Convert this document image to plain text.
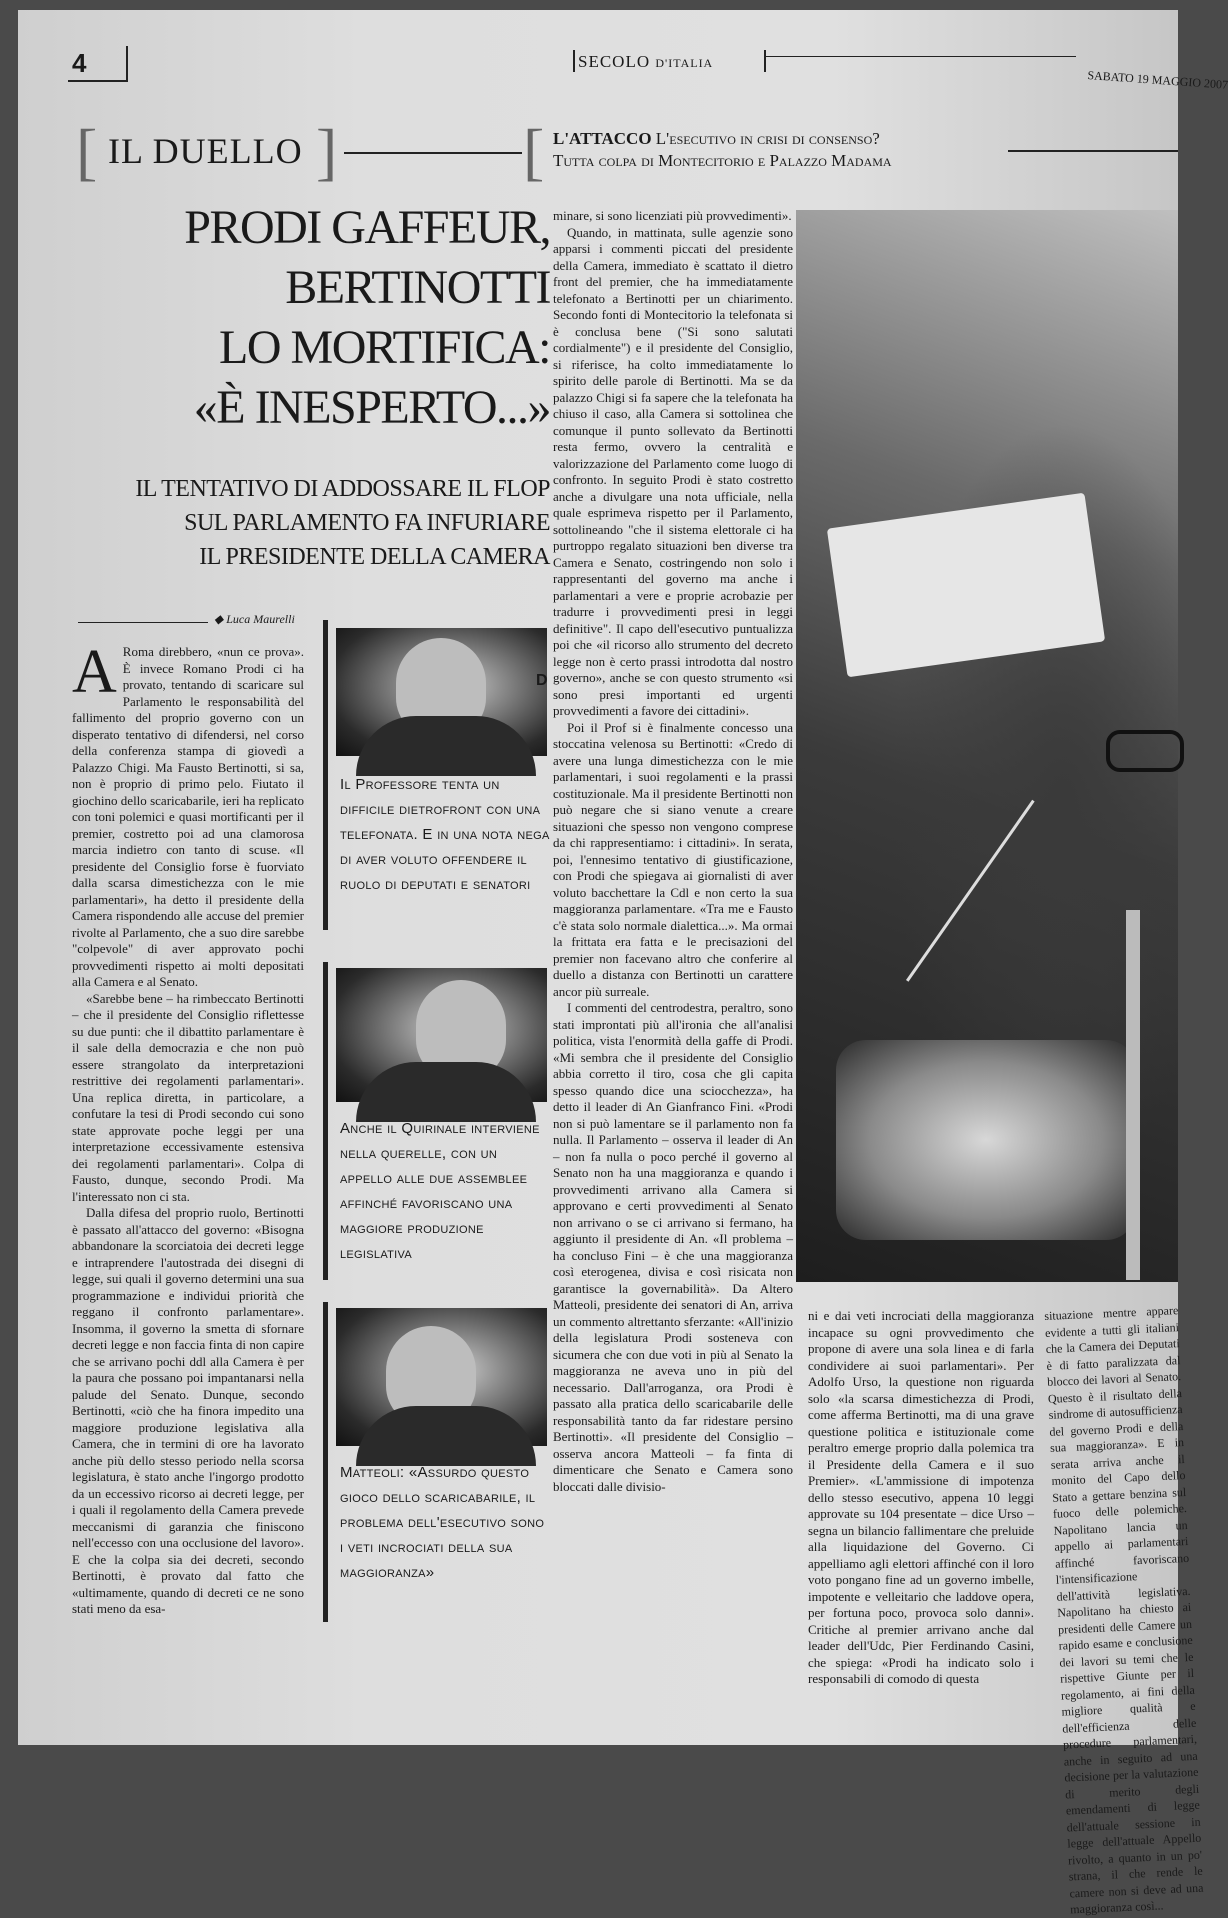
4	SECOLO D'ITALIA
SABATO 19 MAGGIO 2007
[ IL DUELLO ]	[ L'ATTACCO L'esecutivo in crisi di consenso?
Tutta colpa di Montecitorio e Palazzo Madama
PRODI GAFFEUR,
BERTINOTTI
LO MORTIFICA:
«È INESPERTO...»
IL TENTATIVO DI ADDOSSARE IL FLOP
SUL PARLAMENTO FA INFURIARE
IL PRESIDENTE DELLA CAMERA
◆ Luca Maurelli

A Roma direbbero, «nun ce prova». È invece Romano Prodi ci ha provato, tentando di scaricare sul Parlamento le responsabilità del fallimento del proprio governo con un disperato tentativo di difendersi, nel corso della conferenza stampa di giovedì a Palazzo Chigi. Ma Fausto Bertinotti, si sa, non è proprio di primo pelo. Fiutato il giochino dello scaricabarile, ieri ha replicato con toni polemici e quasi mortificanti per il premier, costretto poi ad una clamorosa marcia indietro con tanto di scuse. «Il presidente del Consiglio forse è fuorviato dalla scarsa dimestichezza con le mie parlamentari», ha detto il presidente della Camera rispondendo alle accuse del premier rivolte al Parlamento, che a suo dire sarebbe "colpevole" di aver approvato pochi provvedimenti rispetto ai molti depositati alla Camera e al Senato.

«Sarebbe bene – ha rimbeccato Bertinotti – che il presidente del Consiglio riflettesse su due punti: che il dibattito parlamentare è il sale della democrazia e che non può essere strangolato da interpretazioni restrittive dei regolamenti parlamentari». Una replica diretta, in particolare, a confutare la tesi di Prodi secondo cui sono state approvate poche leggi per una interpretazione eccessivamente estensiva dei regolamenti parlamentari». Colpa di Fausto, dunque, secondo Prodi. Ma l'interessato non ci sta.

Dalla difesa del proprio ruolo, Bertinotti è passato all'attacco del governo: «Bisogna abbandonare la scorciatoia dei decreti legge e intraprendere l'autostrada dei disegni di legge, sui quali il governo determini una sua programmazione e individui priorità che reggano il confronto parlamentare». Insomma, il governo la smetta di sfornare decreti legge e non faccia finta di non capire che se arrivano pochi ddl alla Camera è per la paura che possano poi impantanarsi nella palude del Senato. Dunque, secondo Bertinotti, «ciò che ha finora impedito una maggiore produzione legislativa alla Camera, che in termini di ore ha lavorato anche più dello stesso periodo nella scorsa legislatura, è stato anche l'ingorgo prodotto da un eccessivo ricorso ai decreti legge, per i quali il regolamento della Camera prevede meccanismi di garanzia che finiscono nell'eccesso con una occlusione del lavoro». E che la colpa sia dei decreti, secondo Bertinotti, è provato dal fatto che «ultimamente, quando di decreti ce ne sono stati meno da esa-

D
Il Professore tenta un difficile dietrofront con una telefonata. E in una nota nega di aver voluto offendere il ruolo di deputati e senatori
Anche il Quirinale interviene nella querelle, con un appello alle due assemblee affinché favoriscano una maggiore produzione legislativa
Matteoli: «Assurdo questo gioco dello scaricabarile, il problema dell'esecutivo sono i veti incrociati della sua maggioranza»

minare, si sono licenziati più provvedimenti».

Quando, in mattinata, sulle agenzie sono apparsi i commenti piccati del presidente della Camera, immediato è scattato il dietro front del premier, che ha immediatamente telefonato a Bertinotti per un chiarimento. Secondo fonti di Montecitorio la telefonata si è conclusa bene ("Si sono salutati cordialmente") e il presidente del Consiglio, si riferisce, ha colto immediatamente lo spirito delle parole di Bertinotti. Ma se da palazzo Chigi si fa sapere che la telefonata ha chiuso il caso, alla Camera si sottolinea che comunque il punto sollevato da Bertinotti resta fermo, ovvero la centralità e valorizzazione del Parlamento come luogo di confronto. In seguito Prodi è stato costretto anche a divulgare una nota ufficiale, nella quale esprimeva rispetto per il Parlamento, sottolineando "che il sistema elettorale ci ha purtroppo regalato situazioni ben diverse tra Camera e Senato, costringendo non solo i rappresentanti del governo ma anche i parlamentari a vere e proprie acrobazie per tradurre i provvedimenti presi in leggi definitive". Il capo dell'esecutivo puntualizza poi che «il ricorso allo strumento del decreto legge non è certo prassi introdotta dal nostro governo», anche se con questo strumento «si sono presi importanti ed urgenti provvedimenti a favore dei cittadini».

Poi il Prof si è finalmente concesso una stoccatina velenosa su Bertinotti: «Credo di avere una lunga dimestichezza con le mie parlamentari, i suoi regolamenti e la prassi costituzionale. Ma il presidente Bertinotti non può negare che si siano venute a creare situazioni che spesso non vengono comprese da chi rappresentiamo: i cittadini». In serata, poi, l'ennesimo tentativo di giustificazione, con Prodi che spiegava ai giornalisti di aver voluto bacchettare la Cdl e non certo la sua maggioranza parlamentare. «Tra me e Fausto c'è stata solo normale dialettica...». Ma ormai la frittata era fatta e le precisazioni del premier non facevano altro che conferire al duello a distanza con Bertinotti un carattere ancor più surreale.

I commenti del centrodestra, peraltro, sono stati improntati più all'ironia che all'analisi politica, vista l'enormità della gaffe di Prodi. «Mi sembra che il presidente del Consiglio abbia corretto il tiro, cosa che gli capita spesso quando dice una sciocchezza», ha detto il leader di An Gianfranco Fini. «Prodi non si può lamentare se il parlamento non fa nulla. Il Parlamento – osserva il leader di An – non fa nulla o poco perché il governo al Senato non ha una maggioranza e quando i provvedimenti arrivano alla Camera si approvano e certi provvedimenti al Senato non arrivano o se ci arrivano si fermano, ha aggiunto il presidente di An. «Il problema – ha concluso Fini – è che una maggioranza così eterogenea, divisa e così risicata non garantisce la governabilità». Da Altero Matteoli, presidente dei senatori di An, arriva un commento altrettanto sferzante: «All'inizio della legislatura Prodi sosteneva con sicumera che con due voti in più al Senato la maggioranza ne aveva uno in più del necessario. Dall'arroganza, ora Prodi è passato alla pratica dello scaricabarile delle responsabilità tanto da far ridestare persino Bertinotti». «Il presidente del Consiglio – osserva ancora Matteoli – fa finta di dimenticare che Senato e Camera sono bloccati dalle divisio-

ni e dai veti incrociati della maggioranza incapace su ogni provvedimento che propone di avere una sola linea e di farla condividere ai suoi parlamentari». Per Adolfo Urso, la questione non riguarda solo «la scarsa dimestichezza di Prodi, come afferma Bertinotti, ma di una grave questione politica e istituzionale come peraltro emerge proprio dalla polemica tra il Presidente della Camera e il suo Premier». «L'ammissione di impotenza dello stesso esecutivo, appena 10 leggi approvate su 104 presentate – dice Urso – segna un bilancio fallimentare che preluide alla liquidazione del Governo. Ci appelliamo agli elettori affinché con il loro voto pongano fine ad un governo imbelle, impotente e velleitario che laddove opera, per fortuna poco, provoca solo danni». Critiche al premier arrivano anche dal leader dell'Udc, Pier Ferdinando Casini, che spiega: «Prodi ha indicato solo i responsabili di comodo di questa

situazione mentre appare evidente a tutti gli italiani che la Camera dei Deputati è di fatto paralizzata dal blocco dei lavori al Senato. Questo è il risultato della sindrome di autosufficienza del governo Prodi e della sua maggioranza». E in serata arriva anche il monito del Capo dello Stato a gettare benzina sul fuoco delle polemiche. Napolitano lancia un appello ai parlamentari affinché favoriscano l'intensificazione dell'attività legislativa. Napolitano ha chiesto ai presidenti delle Camere un rapido esame e conclusione dei lavori su temi che le rispettive Giunte per il regolamento, ai fini della migliore qualità e dell'efficienza delle procedure parlamentari, anche in seguito ad una decisione per la valutazione di merito degli emendamenti di legge dell'attuale sessione in legge dell'attuale Appello rivolto, a quanto in un po' strana, il che rende le camere non si deve ad una maggioranza così...
